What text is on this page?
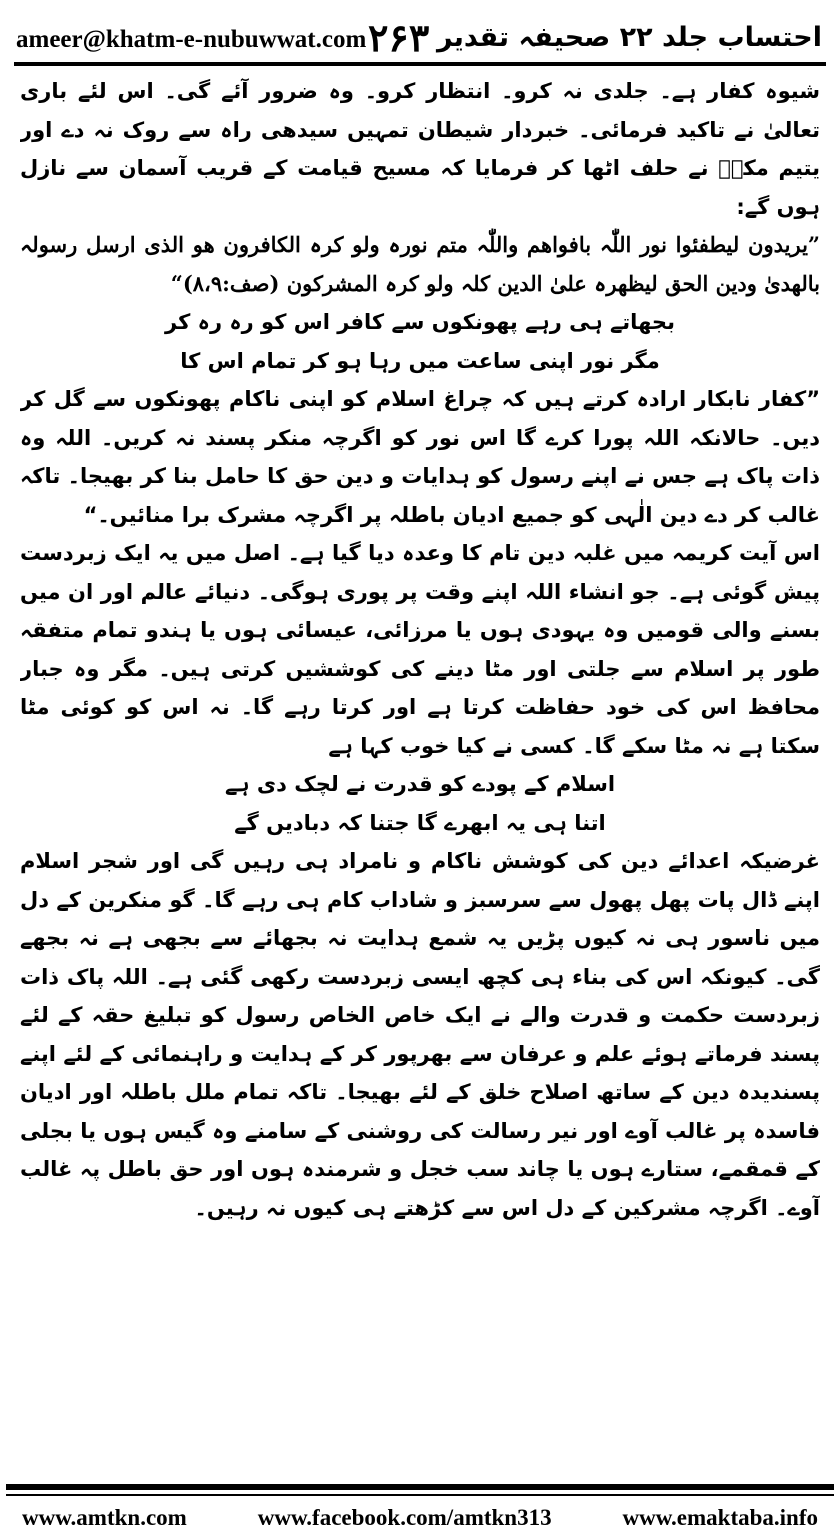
ameer@khatm-e-nubuwwat.com ۲۶۳ احتساب جلد ۲۲ صحیفہ تقدیر

شیوہ کفار ہے۔ جلدی نہ کرو۔ انتظار کرو۔ وہ ضرور آئے گی۔ اس لئے باری تعالیٰ نے تاکید فرمائی۔ خبردار شیطان تمہیں سیدھی راہ سے روک نہ دے اور یتیم مکہؐ نے حلف اٹھا کر فرمایا کہ مسیح قیامت کے قریب آسمان سے نازل ہوں گے:

”یریدون لیطفئوا نور اللّٰہ بافواھم واللّٰہ متم نورہ ولو کرہ الکافرون ھو الذی ارسل رسولہ بالھدیٰ ودین الحق لیظھرہ علیٰ الدین کلہ ولو کرہ المشرکون (صف:۸،۹)“

بجھاتے ہی رہے پھونکوں سے کافر اس کو رہ رہ کر

مگر نور اپنی ساعت میں رہا ہو کر تمام اس کا

”کفار نابکار ارادہ کرتے ہیں کہ چراغ اسلام کو اپنی ناکام پھونکوں سے گل کر دیں۔ حالانکہ اللہ پورا کرے گا اس نور کو اگرچہ منکر پسند نہ کریں۔ اللہ وہ ذات پاک ہے جس نے اپنے رسول کو ہدایات و دین حق کا حامل بنا کر بھیجا۔ تاکہ غالب کر دے دین الٰہی کو جمیع ادیان باطلہ پر اگرچہ مشرک برا منائیں۔“

اس آیت کریمہ میں غلبہ دین تام کا وعدہ دیا گیا ہے۔ اصل میں یہ ایک زبردست پیش گوئی ہے۔ جو انشاء اللہ اپنے وقت پر پوری ہوگی۔ دنیائے عالم اور ان میں بسنے والی قومیں وہ یہودی ہوں یا مرزائی، عیسائی ہوں یا ہندو تمام متفقہ طور پر اسلام سے جلتی اور مٹا دینے کی کوششیں کرتی ہیں۔ مگر وہ جبار محافظ اس کی خود حفاظت کرتا ہے اور کرتا رہے گا۔ نہ اس کو کوئی مٹا سکتا ہے نہ مٹا سکے گا۔ کسی نے کیا خوب کہا ہے

اسلام کے پودے کو قدرت نے لچک دی ہے

اتنا ہی یہ ابھرے گا جتنا کہ دبادیں گے

غرضیکہ اعدائے دین کی کوشش ناکام و نامراد ہی رہیں گی اور شجر اسلام اپنے ڈال پات پھل پھول سے سرسبز و شاداب کام ہی رہے گا۔ گو منکرین کے دل میں ناسور ہی نہ کیوں پڑیں یہ شمع ہدایت نہ بجھائے سے بجھی ہے نہ بجھے گی۔ کیونکہ اس کی بناء ہی کچھ ایسی زبردست رکھی گئی ہے۔ اللہ پاک ذات زبردست حکمت و قدرت والے نے ایک خاص الخاص رسول کو تبلیغ حقہ کے لئے پسند فرماتے ہوئے علم و عرفان سے بھرپور کر کے ہدایت و راہنمائی کے لئے اپنے پسندیدہ دین کے ساتھ اصلاح خلق کے لئے بھیجا۔ تاکہ تمام ملل باطلہ اور ادیان فاسدہ پر غالب آوے اور نیر رسالت کی روشنی کے سامنے وہ گیس ہوں یا بجلی کے قمقمے، ستارے ہوں یا چاند سب خجل و شرمندہ ہوں اور حق باطل پہ غالب آوے۔ اگرچہ مشرکین کے دل اس سے کڑھتے ہی کیوں نہ رہیں۔

www.amtkn.com	www.facebook.com/amtkn313	www.emaktaba.info
